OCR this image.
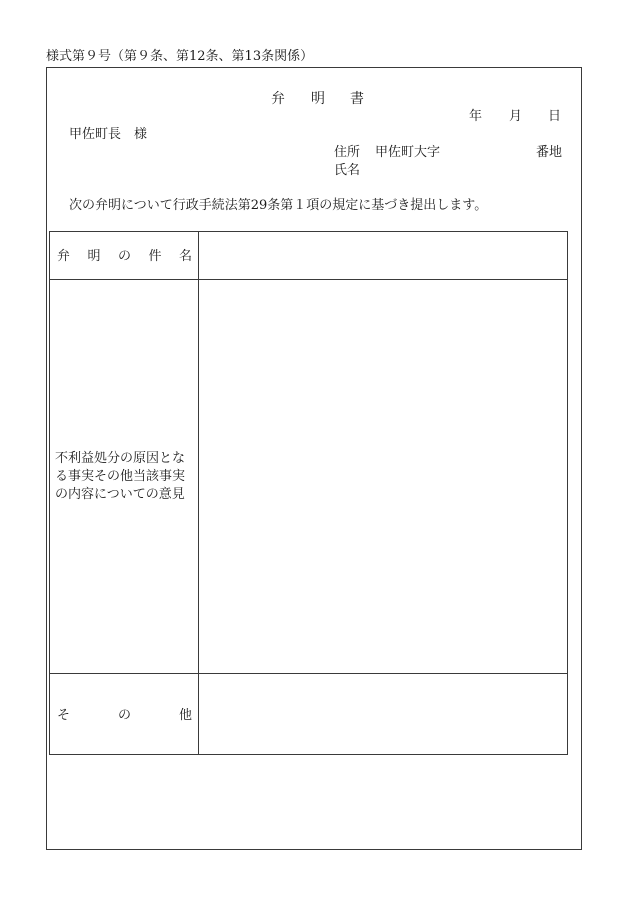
様式第９号（第９条、第12条、第13条関係）
弁 明 書
年 月 日
甲佐町長　様
住所 甲佐町大字	番地
氏名
次の弁明について行政手続法第29条第１項の規定に基づき提出します。
弁 明 の 件 名
不利益処分の原因となる事実その他当該事実の内容についての意見
そ	の	他
